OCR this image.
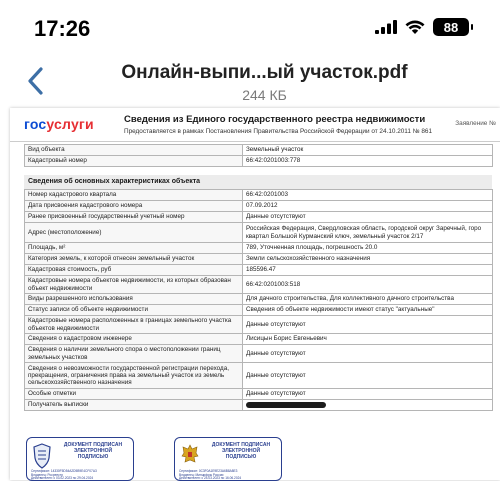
17:26	88
Онлайн-выпи...ый участок.pdf
244 КБ
госуслуги	Сведения из Единого государственного реестра недвижимости
Предоставляется в рамках Постановления Правительства Российской Федерации от 24.10.2011 № 861
Заявление №
Вид объекта	Земельный участок
Кадастровый номер	66:42:0201003:778
Сведения об основных характеристиках объекта
Номер кадастрового квартала	66:42:0201003
Дата присвоения кадастрового номера	07.09.2012
Ранее присвоенный государственный учетный номер	Данные отсутствуют
Адрес (местоположение)	Российская Федерация, Свердловская область, городской округ Заречный, горо
квартал Большой Курманский ключ, земельный участок 2/17

Площадь, м²	789, Уточненная площадь, погрешность 20.0
Категория земель, к которой отнесен земельный участок	Земли сельскохозяйственного назначения
Кадастровая стоимость, руб	185596.47
Кадастровые номера объектов недвижимости, из которых образован объект недвижимости	66:42:0201003:518
Виды разрешенного использования	Для дачного строительства, Для коллективного дачного строительства
Статус записи об объекте недвижимости	Сведения об объекте недвижимости имеют статус "актуальные"
Кадастровые номера расположенных в границах земельного участка объектов недвижимости	Данные отсутствуют
Сведения о кадастровом инженере	Лисицын Борис Евгеньевич
Сведения о наличии земельного спора о местоположении границ земельных участков	Данные отсутствуют
Сведения о невозможности государственной регистрации перехода, прекращения, ограничения права на земельный участок из земель сельскохозяйственного назначения	Данные отсутствуют
Особые отметки	Данные отсутствуют
Получатель выписки	
ДОКУМЕНТ ПОДПИСАН
ЭЛЕКТРОННОЙ
ПОДПИСЬЮ
Сертификат: 14330F5D54A2D5B9E4CF07A3
Владелец: Росреестр
Действителен: с 03.02.2023 по 29.04.2024
ДОКУМЕНТ ПОДПИСАН
ЭЛЕКТРОННОЙ
ПОДПИСЬЮ
Сертификат: 0C3F0A1E9E23A6B8A8E3
Владелец: Минцифры России
Действителен: с 24.03.2023 по 16.06.2024
